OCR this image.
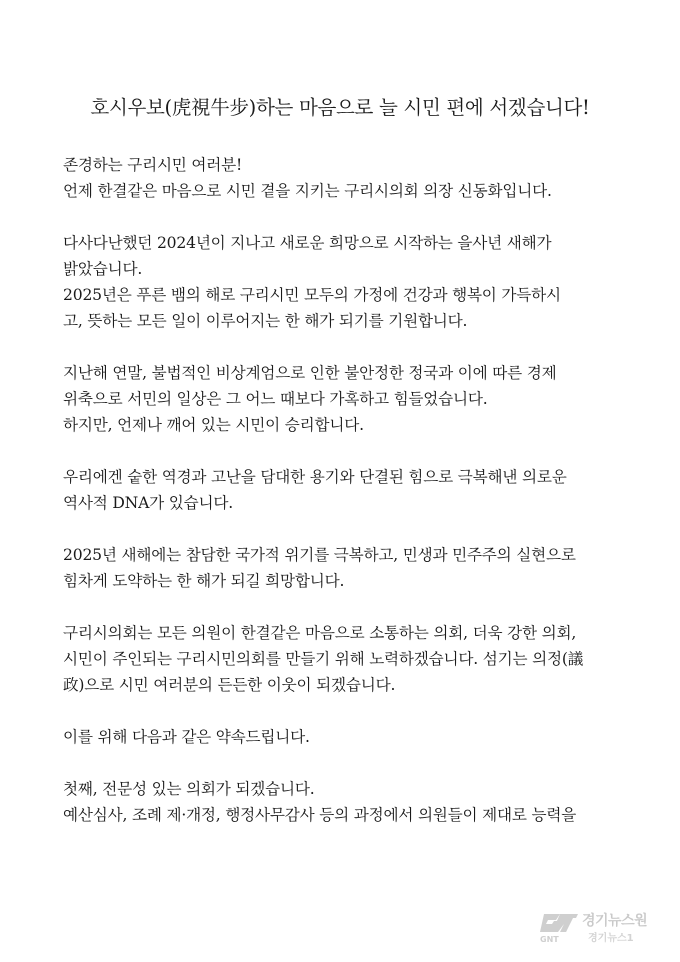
호시우보(虎視牛步)하는 마음으로 늘 시민 편에 서겠습니다!
존경하는 구리시민 여러분!
언제 한결같은 마음으로 시민 곁을 지키는 구리시의회 의장 신동화입니다.
다사다난했던 2024년이 지나고 새로운 희망으로 시작하는 을사년 새해가
밝았습니다.
2025년은 푸른 뱀의 해로 구리시민 모두의 가정에 건강과 행복이 가득하시
고, 뜻하는 모든 일이 이루어지는 한 해가 되기를 기원합니다.
지난해 연말, 불법적인 비상계엄으로 인한 불안정한 정국과 이에 따른 경제
위축으로 서민의 일상은 그 어느 때보다 가혹하고 힘들었습니다.
하지만, 언제나 깨어 있는 시민이 승리합니다.
우리에겐 숱한 역경과 고난을 담대한 용기와 단결된 힘으로 극복해낸 의로운
역사적 DNA가 있습니다.
2025년 새해에는 참담한 국가적 위기를 극복하고, 민생과 민주주의 실현으로
힘차게 도약하는 한 해가 되길 희망합니다.
구리시의회는 모든 의원이 한결같은 마음으로 소통하는 의회, 더욱 강한 의회,
시민이 주인되는 구리시민의회를 만들기 위해 노력하겠습니다. 섬기는 의정(議
政)으로 시민 여러분의 든든한 이웃이 되겠습니다.
이를 위해 다음과 같은 약속드립니다.
첫째, 전문성 있는 의회가 되겠습니다.
예산심사, 조례 제·개정, 행정사무감사 등의 과정에서 의원들이 제대로 능력을
GNT
경기뉴스원
경기뉴스1
